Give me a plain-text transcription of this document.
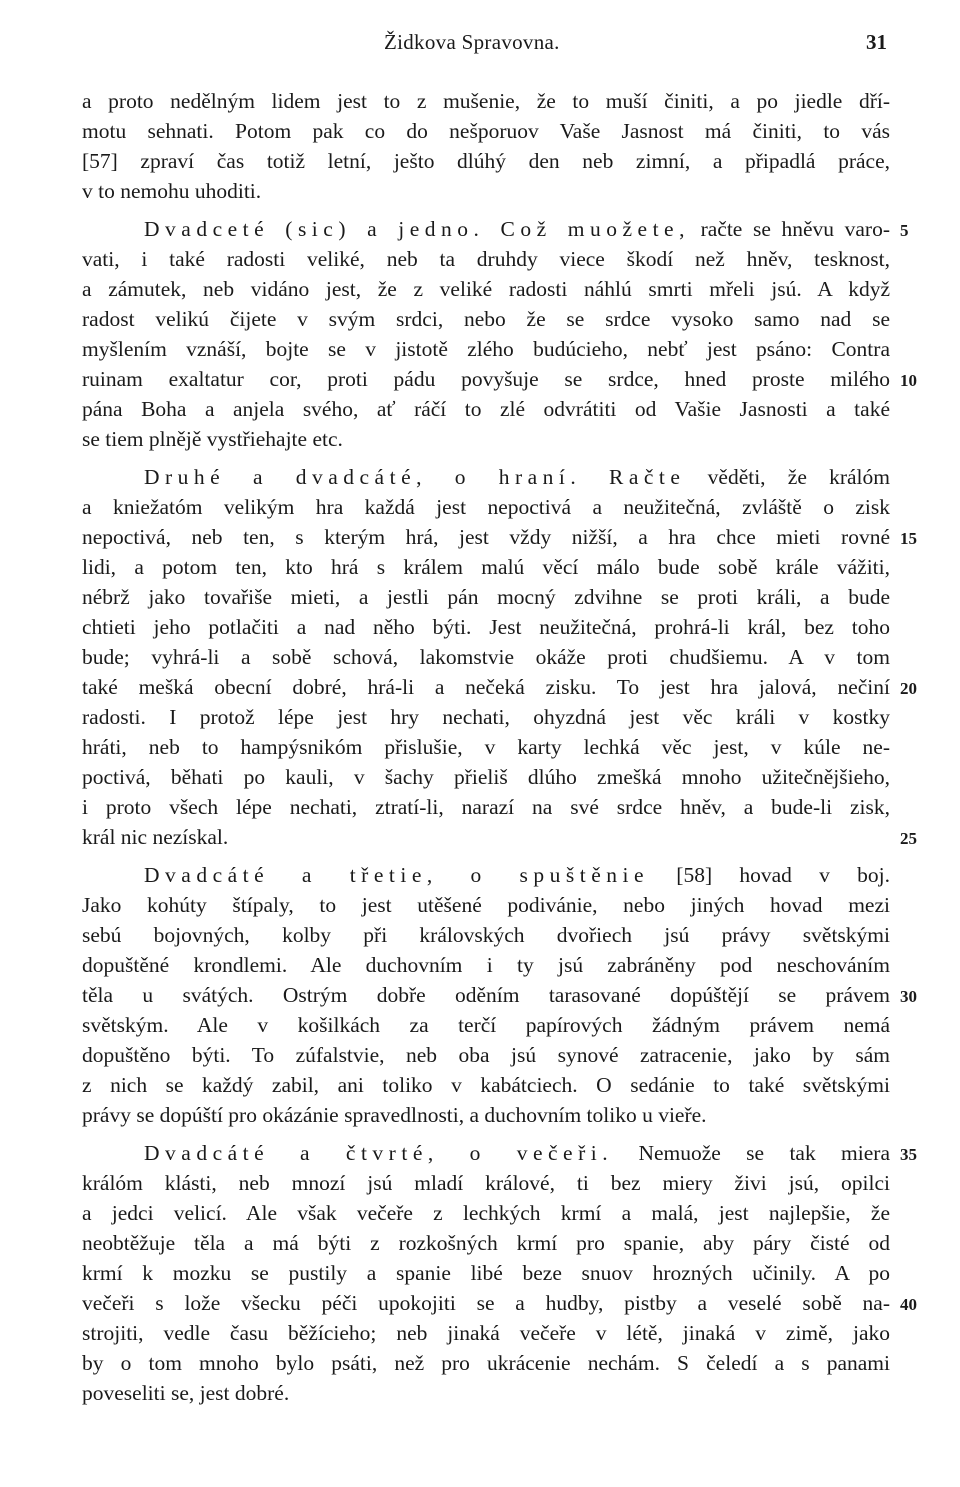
Židkova Spravovna.	31
a proto nedělným lidem jest to z mušenie, že to muší činiti, a po jiedle dří-
motu sehnati. Potom pak co do nešporuov Vaše Jasnost má činiti, to vás
[57] zpraví čas totiž letní, ješto dlúhý den neb zimní, a připadlá práce,
v to nemohu uhoditi.
Dvadceté (sic) a jedno. Což muožete, račte se hněvu varo-
vati, i také radosti veliké, neb ta druhdy viece škodí než hněv, tesknost,
a zámutek, neb vidáno jest, že z veliké radosti náhlú smrti mřeli jsú. A když
radost velikú čijete v svým srdci, nebo že se srdce vysoko samo nad se
myšlením vznáší, bojte se v jistotě zlého budúcieho, nebť jest psáno: Contra
ruinam exaltatur cor, proti pádu povyšuje se srdce, hned proste milého
pána Boha a anjela svého, ať ráčí to zlé odvrátiti od Vašie Jasnosti a také
se tiem plnějě vystřiehajte etc.
Druhé a dvadcáté, o hraní. Račte věděti, že králóm
a kniežatóm velikým hra každá jest nepoctivá a neužitečná, zvláště o zisk
nepoctivá, neb ten, s kterým hrá, jest vždy nižší, a hra chce mieti rovné
lidi, a potom ten, kto hrá s králem malú věcí málo bude sobě krále vážiti,
nébrž jako tovařiše mieti, a jestli pán mocný zdvihne se proti králi, a bude
chtieti jeho potlačiti a nad něho býti. Jest neužitečná, prohrá-li král, bez toho
bude; vyhrá-li a sobě schová, lakomstvie okáže proti chudšiemu. A v tom
také mešká obecní dobré, hrá-li a nečeká zisku. To jest hra jalová, nečiní
radosti. I protož lépe jest hry nechati, ohyzdná jest věc králi v kostky
hráti, neb to hampýsnikóm přislušie, v karty lechká věc jest, v kúle ne-
poctivá, běhati po kauli, v šachy přieliš dlúho zmešká mnoho užitečnějšieho,
i proto všech lépe nechati, ztratí-li, narazí na své srdce hněv, a bude-li zisk,
král nic nezískal.
Dvadcáté a třetie, o spuštěnie [58] hovad v boj.
Jako kohúty štípaly, to jest utěšené podivánie, nebo jiných hovad mezi
sebú bojovných, kolby při královských dvořiech jsú právy světskými
dopuštěné krondlemi. Ale duchovním i ty jsú zabráněny pod neschováním
těla u svátých. Ostrým dobře oděním tarasované dopúštějí se právem
světským. Ale v košilkách za terčí papírových žádným právem nemá
dopuštěno býti. To zúfalstvie, neb oba jsú synové zatracenie, jako by sám
z nich se každý zabil, ani toliko v kabátciech. O sedánie to také světskými
právy se dopúští pro okázánie spravedlnosti, a duchovním toliko u vieře.
Dvadcáté a čtvrté, o večeři. Nemuože se tak miera
králóm klásti, neb mnozí jsú mladí králové, ti bez miery živi jsú, opilci
a jedci velicí. Ale však večeře z lechkých krmí a malá, jest najlepšie, že
neobtěžuje těla a má býti z rozkošných krmí pro spanie, aby páry čisté od
krmí k mozku se pustily a spanie libé beze snuov hrozných učinily. A po
večeři s lože všecku péči upokojiti se a hudby, pistby a veselé sobě na-
strojiti, vedle času běžícieho; neb jinaká večeře v létě, jinaká v zimě, jako
by o tom mnoho bylo psáti, než pro ukrácenie nechám. S čeledí a s panami
poveseliti se, jest dobré.
5
10
15
20
25
30
35
40
